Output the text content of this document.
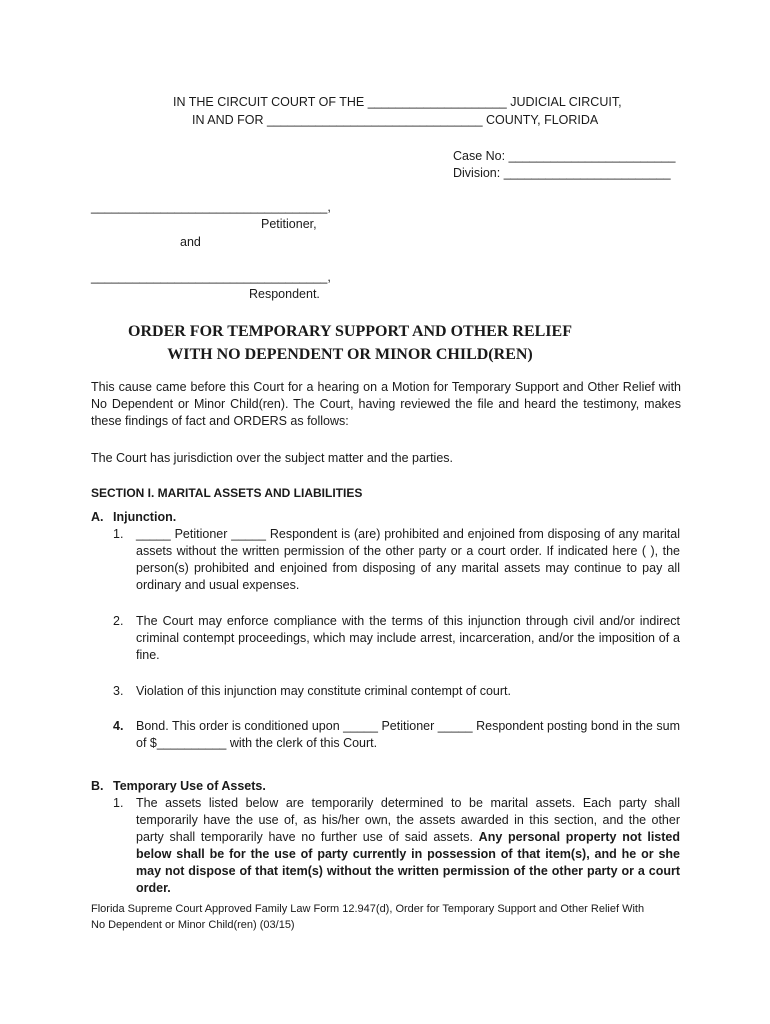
IN THE CIRCUIT COURT OF THE ____________________ JUDICIAL CIRCUIT,
IN AND FOR _______________________________ COUNTY, FLORIDA
Case No: ________________________
Division: ________________________
__________________________________,
Petitioner,
and
__________________________________,
Respondent.
ORDER FOR TEMPORARY SUPPORT AND OTHER RELIEF
WITH NO DEPENDENT OR MINOR CHILD(REN)
This cause came before this Court for a hearing on a Motion for Temporary Support and Other Relief with No Dependent or Minor Child(ren). The Court, having reviewed the file and heard the testimony, makes these findings of fact and ORDERS as follows:
The Court has jurisdiction over the subject matter and the parties.
SECTION I. MARITAL ASSETS AND LIABILITIES
A. Injunction.
1. _____ Petitioner _____ Respondent is (are) prohibited and enjoined from disposing of any marital assets without the written permission of the other party or a court order. If indicated here ( ), the person(s) prohibited and enjoined from disposing of any marital assets may continue to pay all ordinary and usual expenses.
2. The Court may enforce compliance with the terms of this injunction through civil and/or indirect criminal contempt proceedings, which may include arrest, incarceration, and/or the imposition of a fine.
3. Violation of this injunction may constitute criminal contempt of court.
4. Bond. This order is conditioned upon _____ Petitioner _____ Respondent posting bond in the sum of $__________ with the clerk of this Court.
B. Temporary Use of Assets.
1. The assets listed below are temporarily determined to be marital assets. Each party shall temporarily have the use of, as his/her own, the assets awarded in this section, and the other party shall temporarily have no further use of said assets. Any personal property not listed below shall be for the use of party currently in possession of that item(s), and he or she may not dispose of that item(s) without the written permission of the other party or a court order.
Florida Supreme Court Approved Family Law Form 12.947(d), Order for Temporary Support and Other Relief With
No Dependent or Minor Child(ren) (03/15)
